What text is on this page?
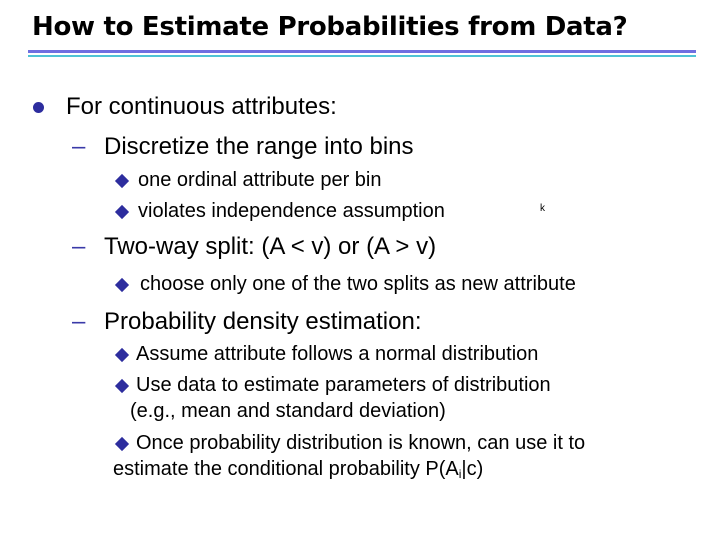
How to Estimate Probabilities from Data?
For continuous attributes:
– Discretize the range into bins
one ordinal attribute per bin
violates independence assumption	k
– Two-way split: (A < v) or (A > v)
choose only one of the two splits as new attribute
– Probability density estimation:
Assume attribute follows a normal distribution
Use data to estimate parameters of distribution
(e.g., mean and standard deviation)
Once probability distribution is known, can use it to
estimate the conditional probability $P(A_i|c)$
